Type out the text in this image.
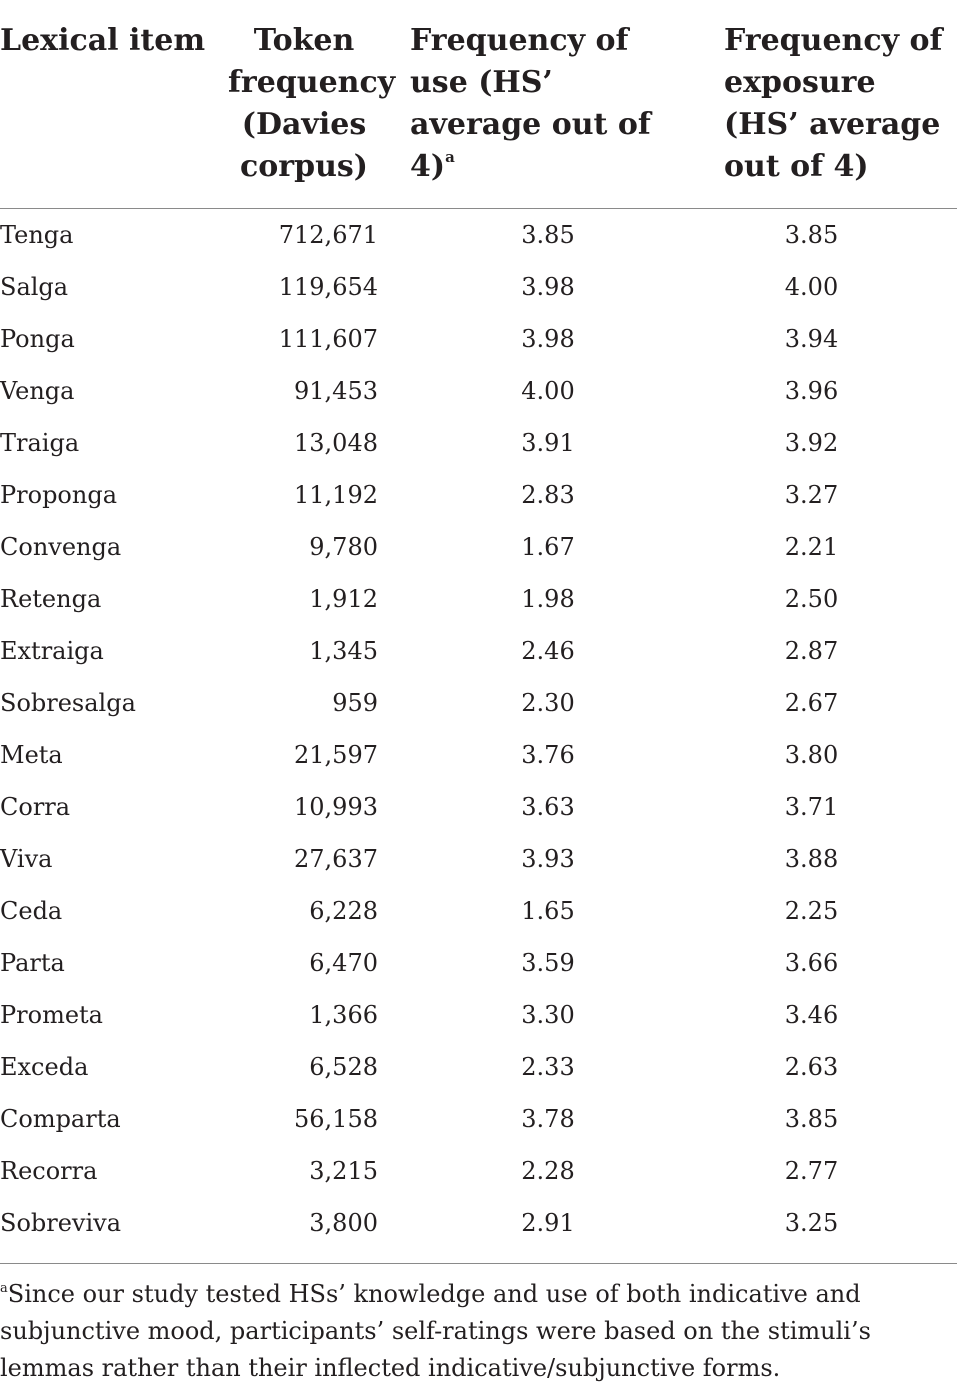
Lexical item	Token frequency (Davies corpus)	Frequency of use (HS’ average out of 4)$^a$	Frequency of exposure (HS’ average out of 4)
Tenga	712,671	3.85	3.85
Salga	119,654	3.98	4.00
Ponga	111,607	3.98	3.94
Venga	91,453	4.00	3.96
Traiga	13,048	3.91	3.92
Proponga	11,192	2.83	3.27
Convenga	9,780	1.67	2.21
Retenga	1,912	1.98	2.50
Extraiga	1,345	2.46	2.87
Sobresalga	959	2.30	2.67
Meta	21,597	3.76	3.80
Corra	10,993	3.63	3.71
Viva	27,637	3.93	3.88
Ceda	6,228	1.65	2.25
Parta	6,470	3.59	3.66
Prometa	1,366	3.30	3.46
Exceda	6,528	2.33	2.63
Comparta	56,158	3.78	3.85
Recorra	3,215	2.28	2.77
Sobreviva	3,800	2.91	3.25

$^a$Since our study tested HSs’ knowledge and use of both indicative and subjunctive mood, participants’ self-ratings were based on the stimuli’s lemmas rather than their inflected indicative/subjunctive forms.
